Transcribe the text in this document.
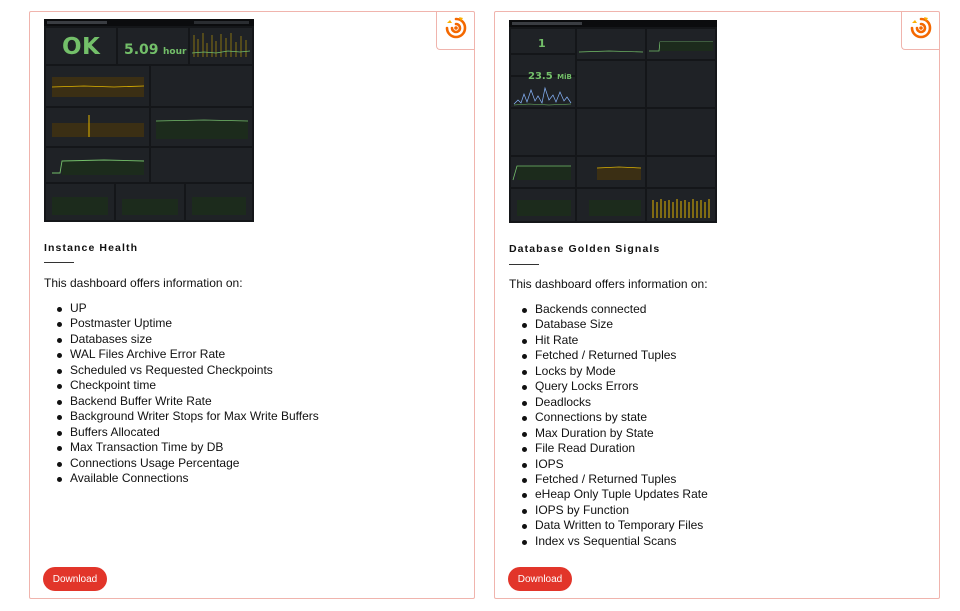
OK 5.09 hour
Instance Health
This dashboard offers information on:
UP
Postmaster Uptime
Databases size
WAL Files Archive Error Rate
Scheduled vs Requested Checkpoints
Checkpoint time
Backend Buffer Write Rate
Background Writer Stops for Max Write Buffers
Buffers Allocated
Max Transaction Time by DB
Connections Usage Percentage
Available Connections
Download
1
23.5 MiB
Database Golden Signals
This dashboard offers information on:
Backends connected
Database Size
Hit Rate
Fetched / Returned Tuples
Locks by Mode
Query Locks Errors
Deadlocks
Connections by state
Max Duration by State
File Read Duration
IOPS
Fetched / Returned Tuples
eHeap Only Tuple Updates Rate
IOPS by Function
Data Written to Temporary Files
Index vs Sequential Scans
Download
